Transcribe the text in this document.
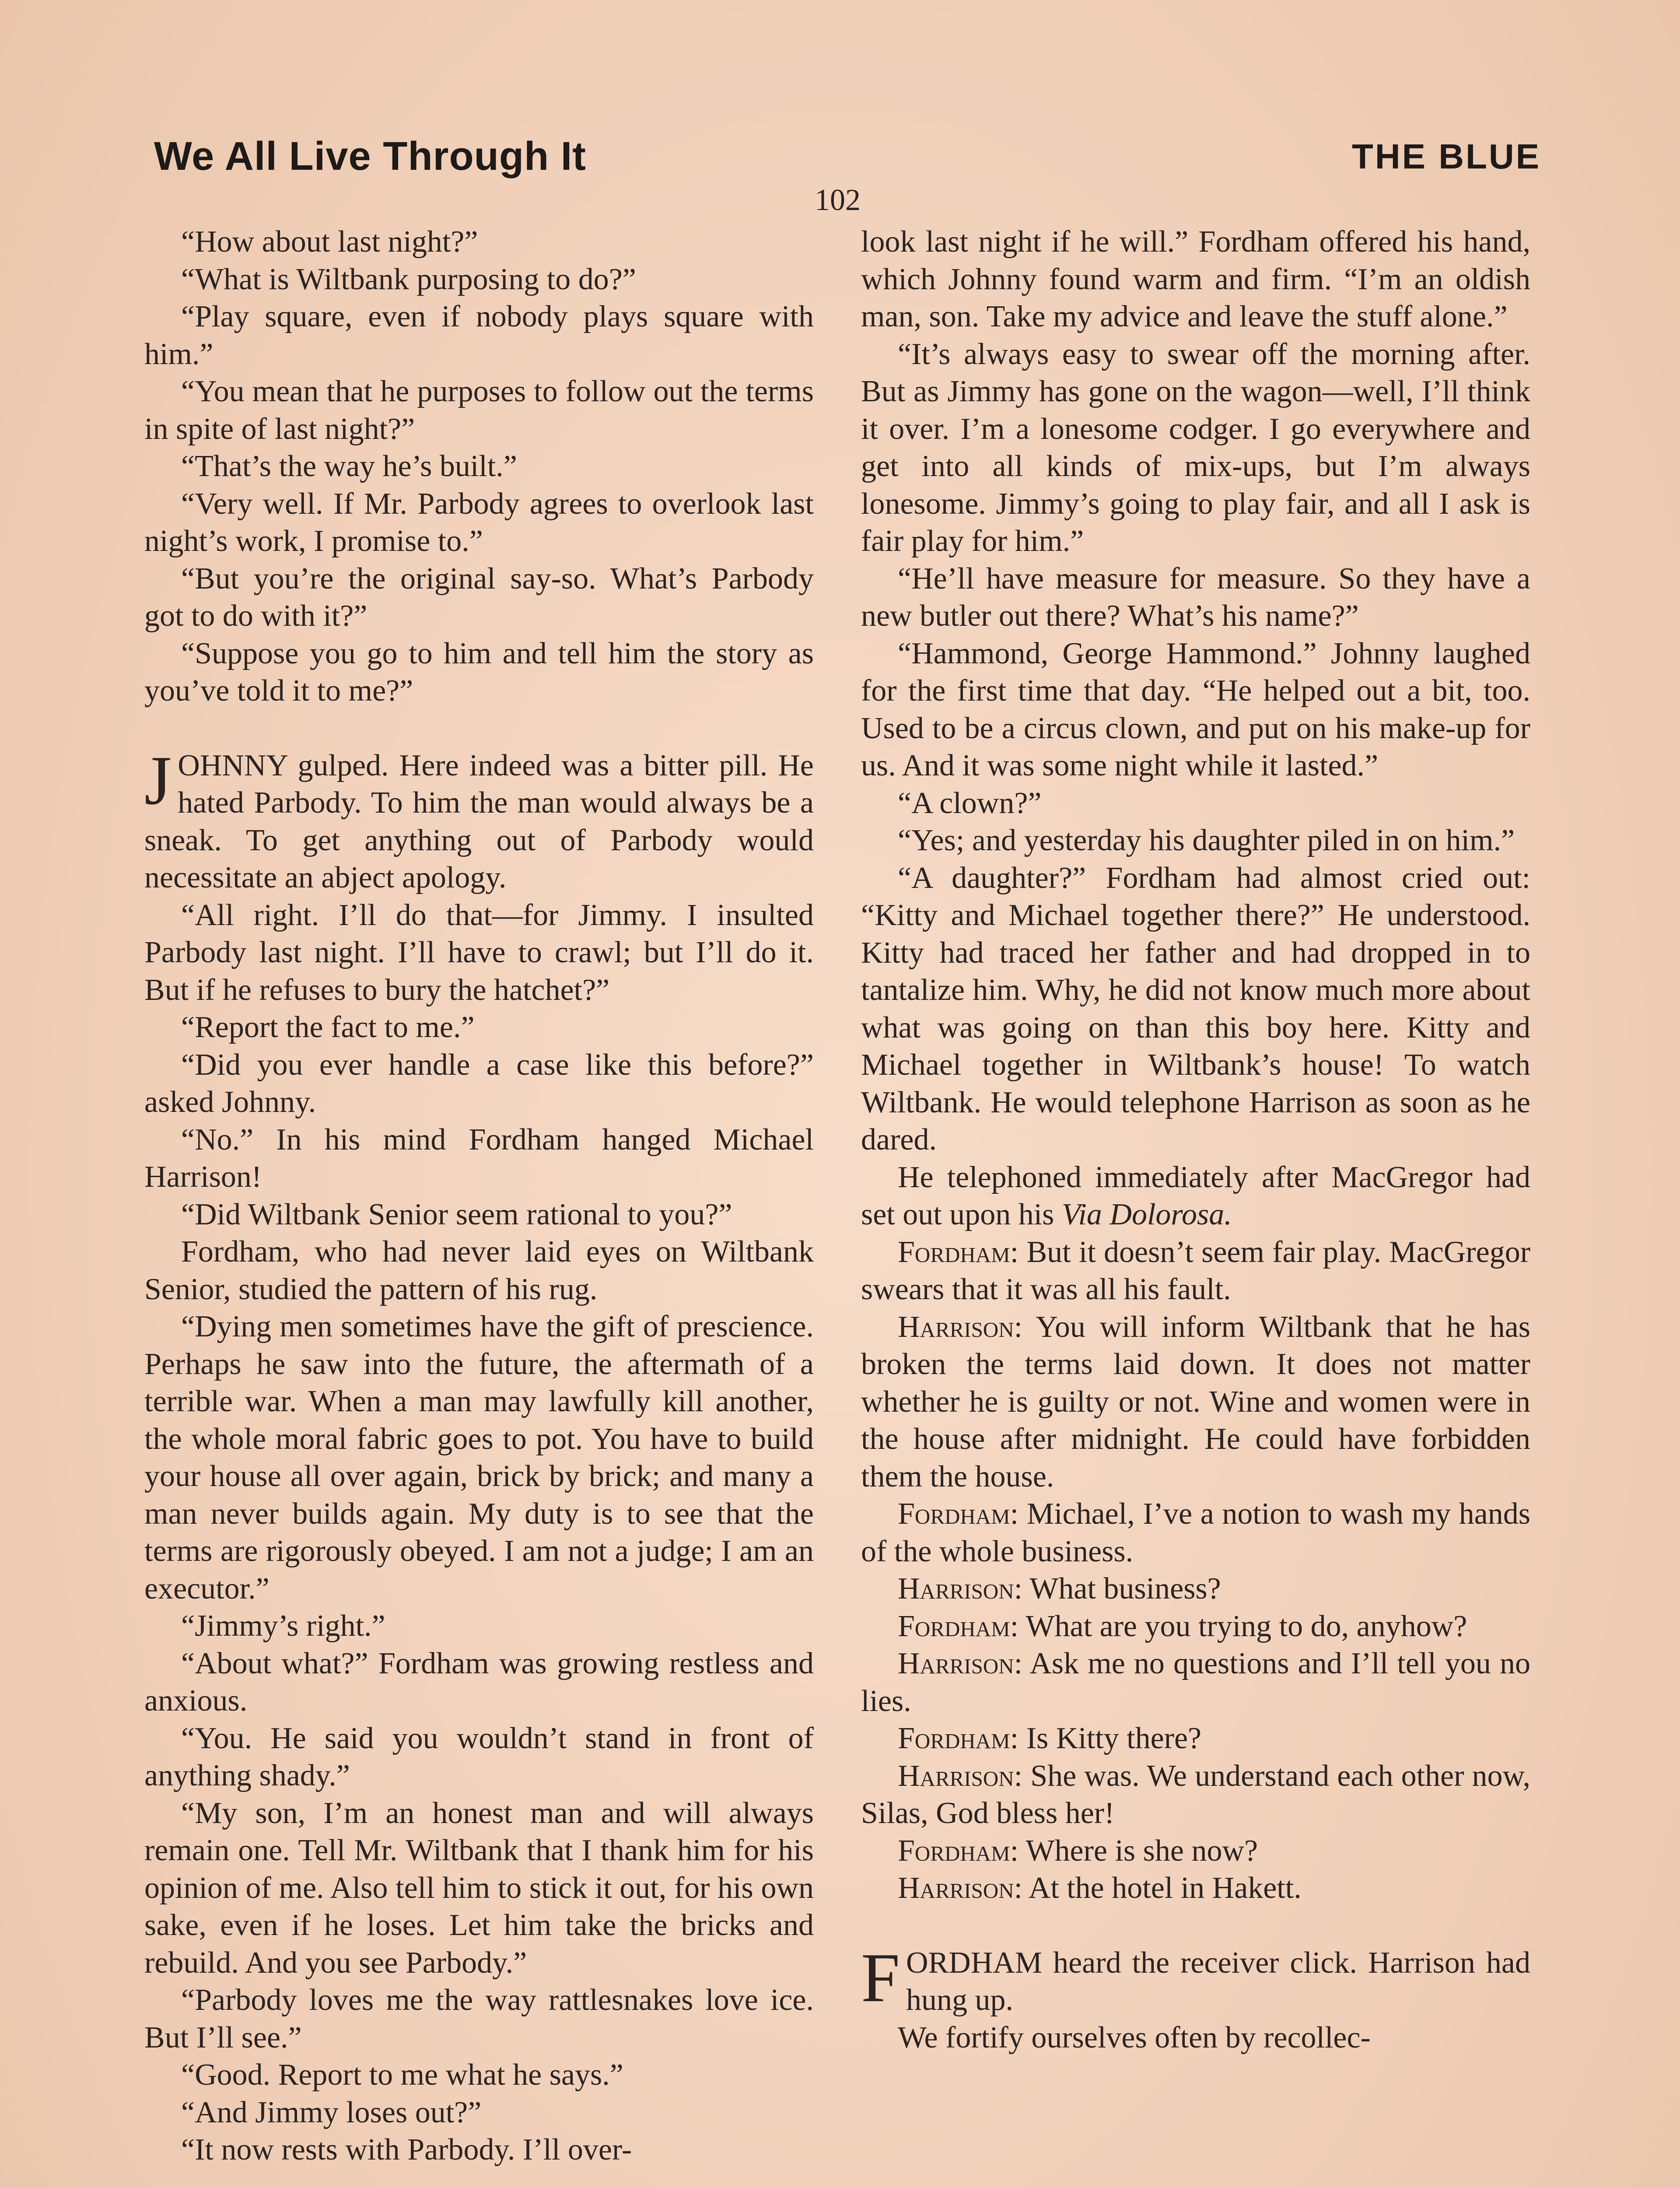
We All Live Through It	THE BLUE
102

“How about last night?”

“What is Wiltbank purposing to do?”

“Play square, even if nobody plays square with him.”

“You mean that he purposes to follow out the terms in spite of last night?”

“That’s the way he’s built.”

“Very well. If Mr. Parbody agrees to overlook last night’s work, I promise to.”

“But you’re the original say-so. What’s Parbody got to do with it?”

“Suppose you go to him and tell him the story as you’ve told it to me?”

JOHNNY gulped. Here indeed was a bitter pill. He hated Parbody. To him the man would always be a sneak. To get anything out of Parbody would necessitate an abject apology.

“All right. I’ll do that—for Jimmy. I insulted Parbody last night. I’ll have to crawl; but I’ll do it. But if he refuses to bury the hatchet?”

“Report the fact to me.”

“Did you ever handle a case like this before?” asked Johnny.

“No.” In his mind Fordham hanged Michael Harrison!

“Did Wiltbank Senior seem rational to you?”

Fordham, who had never laid eyes on Wiltbank Senior, studied the pattern of his rug.

“Dying men sometimes have the gift of prescience. Perhaps he saw into the future, the aftermath of a terrible war. When a man may lawfully kill another, the whole moral fabric goes to pot. You have to build your house all over again, brick by brick; and many a man never builds again. My duty is to see that the terms are rigorously obeyed. I am not a judge; I am an executor.”

“Jimmy’s right.”

“About what?” Fordham was growing restless and anxious.

“You. He said you wouldn’t stand in front of anything shady.”

“My son, I’m an honest man and will always remain one. Tell Mr. Wiltbank that I thank him for his opinion of me. Also tell him to stick it out, for his own sake, even if he loses. Let him take the bricks and rebuild. And you see Parbody.”

“Parbody loves me the way rattlesnakes love ice. But I’ll see.”

“Good. Report to me what he says.”

“And Jimmy loses out?”

“It now rests with Parbody. I’ll over-

look last night if he will.” Fordham offered his hand, which Johnny found warm and firm. “I’m an oldish man, son. Take my advice and leave the stuff alone.”

“It’s always easy to swear off the morning after. But as Jimmy has gone on the wagon—well, I’ll think it over. I’m a lonesome codger. I go everywhere and get into all kinds of mix-ups, but I’m always lonesome. Jimmy’s going to play fair, and all I ask is fair play for him.”

“He’ll have measure for measure. So they have a new butler out there? What’s his name?”

“Hammond, George Hammond.” Johnny laughed for the first time that day. “He helped out a bit, too. Used to be a circus clown, and put on his make-up for us. And it was some night while it lasted.”

“A clown?”

“Yes; and yesterday his daughter piled in on him.”

“A daughter?” Fordham had almost cried out: “Kitty and Michael together there?” He understood. Kitty had traced her father and had dropped in to tantalize him. Why, he did not know much more about what was going on than this boy here. Kitty and Michael together in Wiltbank’s house! To watch Wiltbank. He would telephone Harrison as soon as he dared.

He telephoned immediately after MacGregor had set out upon his Via Dolorosa.

Fordham: But it doesn’t seem fair play. MacGregor swears that it was all his fault.

Harrison: You will inform Wiltbank that he has broken the terms laid down. It does not matter whether he is guilty or not. Wine and women were in the house after midnight. He could have forbidden them the house.

Fordham: Michael, I’ve a notion to wash my hands of the whole business.

Harrison: What business?

Fordham: What are you trying to do, anyhow?

Harrison: Ask me no questions and I’ll tell you no lies.

Fordham: Is Kitty there?

Harrison: She was. We understand each other now, Silas, God bless her!

Fordham: Where is she now?

Harrison: At the hotel in Hakett.

FORDHAM heard the receiver click. Harrison had hung up.

We fortify ourselves often by recollec-
